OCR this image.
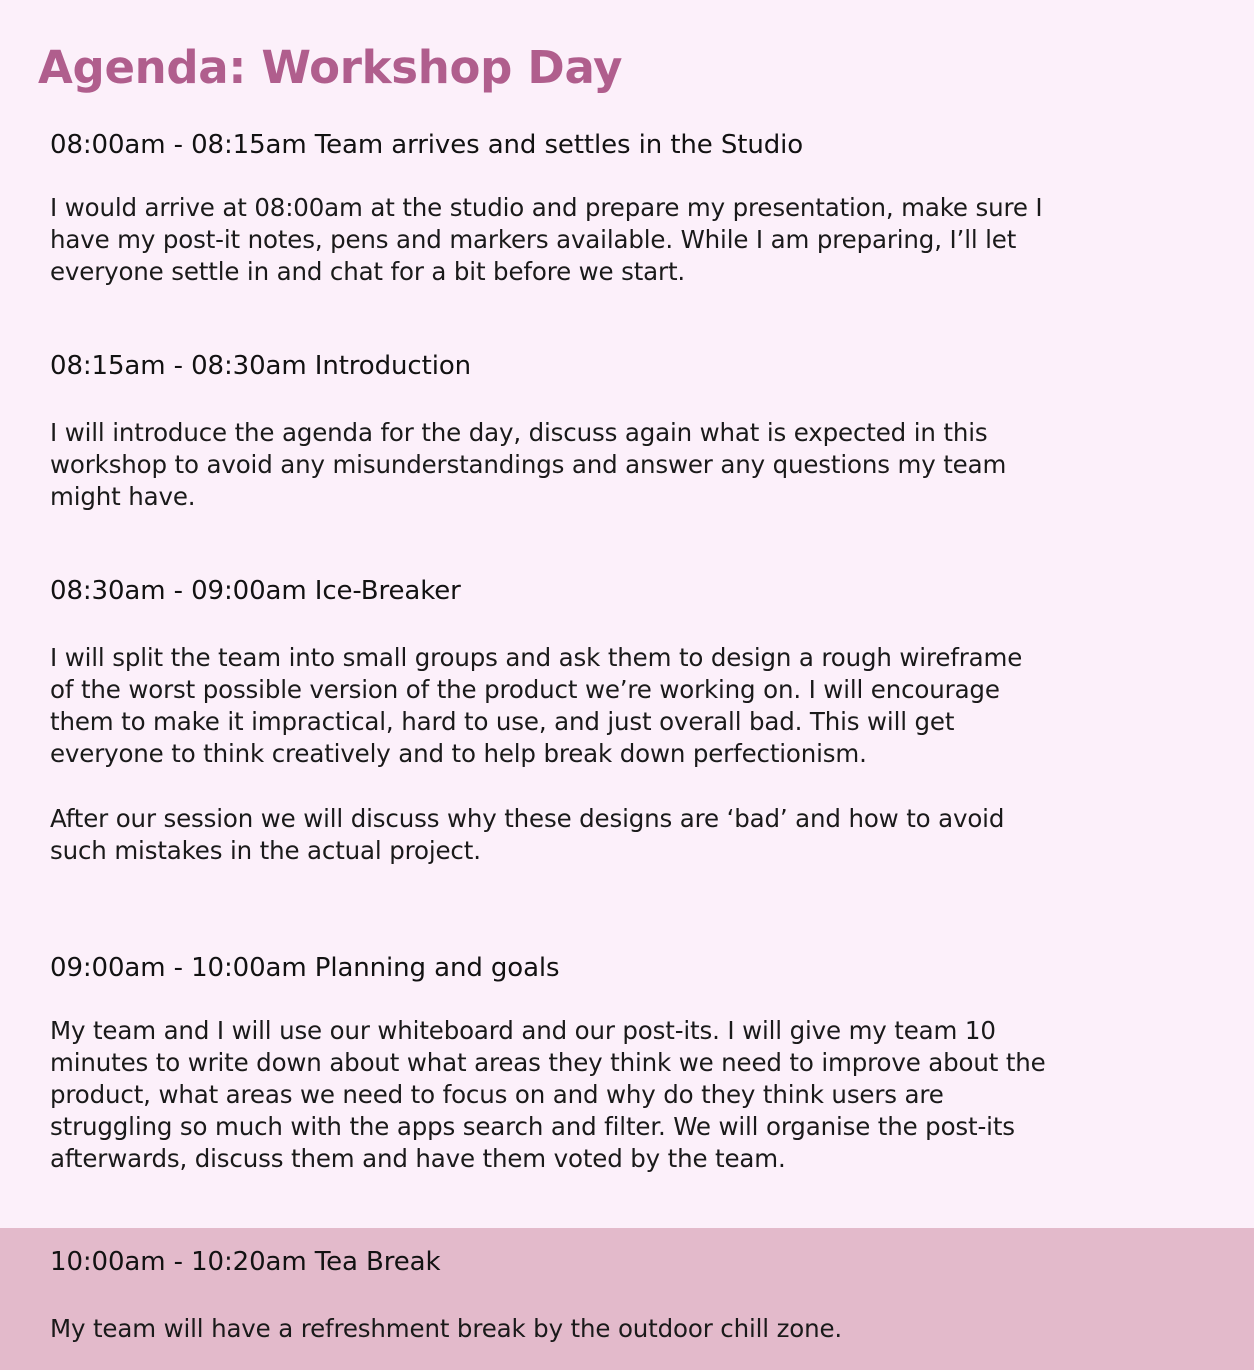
Agenda: Workshop Day
08:00am - 08:15am Team arrives and settles in the Studio

I would arrive at 08:00am at the studio and prepare my presentation, make sure I
have my post-it notes, pens and markers available. While I am preparing, I’ll let
everyone settle in and chat for a bit before we start.

08:15am - 08:30am Introduction

I will introduce the agenda for the day, discuss again what is expected in this
workshop to avoid any misunderstandings and answer any questions my team
might have.

08:30am - 09:00am Ice-Breaker

I will split the team into small groups and ask them to design a rough wireframe
of the worst possible version of the product we’re working on. I will encourage
them to make it impractical, hard to use, and just overall bad. This will get
everyone to think creatively and to help break down perfectionism.

After our session we will discuss why these designs are ‘bad’ and how to avoid
such mistakes in the actual project.

09:00am - 10:00am Planning and goals

My team and I will use our whiteboard and our post-its. I will give my team 10
minutes to write down about what areas they think we need to improve about the
product, what areas we need to focus on and why do they think users are
struggling so much with the apps search and filter. We will organise the post-its
afterwards, discuss them and have them voted by the team.

10:00am - 10:20am Tea Break

My team will have a refreshment break by the outdoor chill zone.
